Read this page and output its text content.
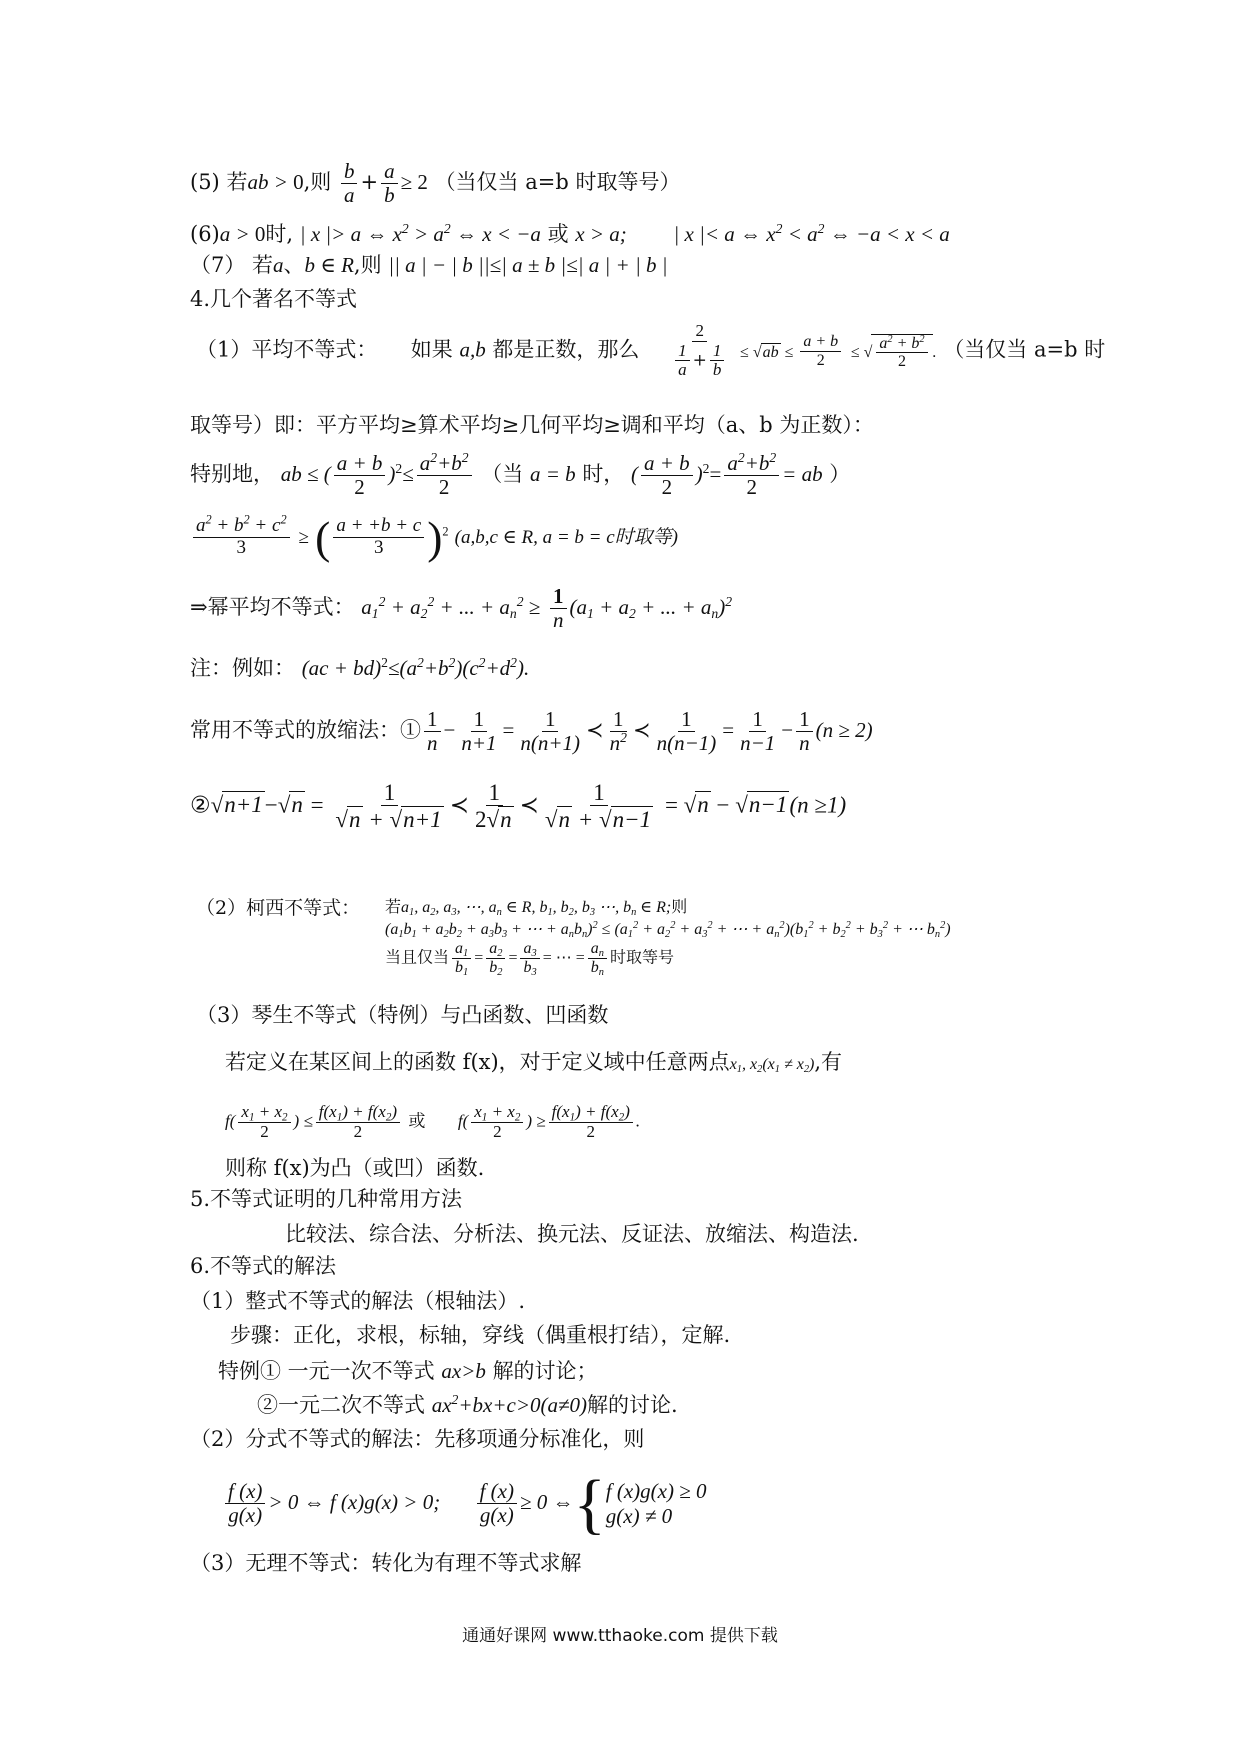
(5) 若ab > 0,则 $\frac{b}{a} + \frac{a}{b} \ge 2$ （当仅当 a=b 时取等号）
(6)a > 0时, | x |> a ⇔ $x^2 > a^2$ ⇔ x < −a 或 x > a; | x |< a ⇔ $x^2 < a^2$ ⇔ −a < x < a
（7） 若a、b ∈ R,则 || a | − | b ||≤| a ± b |≤| a | + | b |
4.几个著名不等式
（1）平均不等式： 如果 a,b 都是正数，那么 $\frac{2}{\frac{1}{a} + \frac{1}{b}} \le √ab \le \frac{a + b}{2}$ ≤ √ $\frac{a^2 + b^2}{2}$ . （当仅当 a=b 时
取等号）即：平方平均≥算术平均≥几何平均≥调和平均（a、b 为正数）：
特别地， ab ≤ ( $\frac{a + b}{2} )^2\le \frac{a^2+b^2}{2}$ （当 a = b 时， ( $\frac{a + b}{2} )^2= \frac{a^2+b^2}{2}$ = ab ）
$\frac{a^2 + b^2 + c^2}{3}$ ≥ ( $\frac{a + +b + c}{3} )^2$ (a,b,c ∈ R, a = b = c时取等)
⇒幂平均不等式： $a_1^2 + a_2^2$ + ... + $a_n^2 \ge \frac{1}{n} (a_1 + a_2$ + ... + $a_n)^2$
注：例如： $(ac + bd)^2\le(a^2+b^2)(c^2+d^2)$.
常用不等式的放缩法：① $\frac{1}{n} - \frac{1}{n+1} = \frac{1}{n(n+1)}$ ≺ $\frac{1}{n^2}$ ≺ $\frac{1}{n(n-1)} = \frac{1}{n-1} - \frac{1}{n} (n \ge 2)$
②√n+1−√n = $\frac{1}{√n + √n+1}$ ≺ $\frac{1}{2√n}$ ≺ $\frac{1}{√n + √n-1} = √n - √n-1(n \ge 1)$
（2）柯西不等式： 若$a_1$, $a_2$, $a_3$, ⋯, $a_n$ ∈ R, $b_1$, $b_2$, $b_3$ ⋯, $b_n$ ∈ R;则
($a_1b_1 + a_2b_2 + a_3b_3$ + ⋯ + $a_nb_n)^2 \le (a_1^2 + a_2^2 + a_3^2$ + ⋯ + $a_n^2)(b_1^2 + b_2^2 + b_3^2$ + ⋯ $b_n^2$)
当且仅当 $\frac{a_1}{b_1} = \frac{a_2}{b_2} = \frac{a_3}{b_3}$ = ⋯ = $\frac{a_n}{b_n}$ 时取等号
（3）琴生不等式（特例）与凸函数、凹函数
若定义在某区间上的函数 f(x)，对于定义域中任意两点$x_1$, $x_2(x_1 \ne x_2)$,有
$f( \frac{x_1 + x_2}{2}$ ) ≤ $\frac{f(x_1) + f(x_2)}{2}$ 或 $f( \frac{x_1 + x_2}{2}$ ) ≥ $\frac{f(x_1) + f(x_2)}{2}$ .
则称 f(x)为凸（或凹）函数.
5.不等式证明的几种常用方法
比较法、综合法、分析法、换元法、反证法、放缩法、构造法.
6.不等式的解法
（1）整式不等式的解法（根轴法）.
步骤：正化，求根，标轴，穿线（偶重根打结），定解.
特例① 一元一次不等式 ax>b 解的讨论；
②一元二次不等式 $ax^2+bx+c>0(a\ne 0)$解的讨论.
（2）分式不等式的解法：先移项通分标准化，则
$\frac{f (x)}{g(x)} > 0$ ⇔ f (x)g(x) > 0; $\frac{f (x)}{g(x)} \ge 0$ ⇔{ f (x)g(x) ≥ 0
g(x) ≠ 0
（3）无理不等式：转化为有理不等式求解
通通好课网 www.tthaoke.com 提供下载
